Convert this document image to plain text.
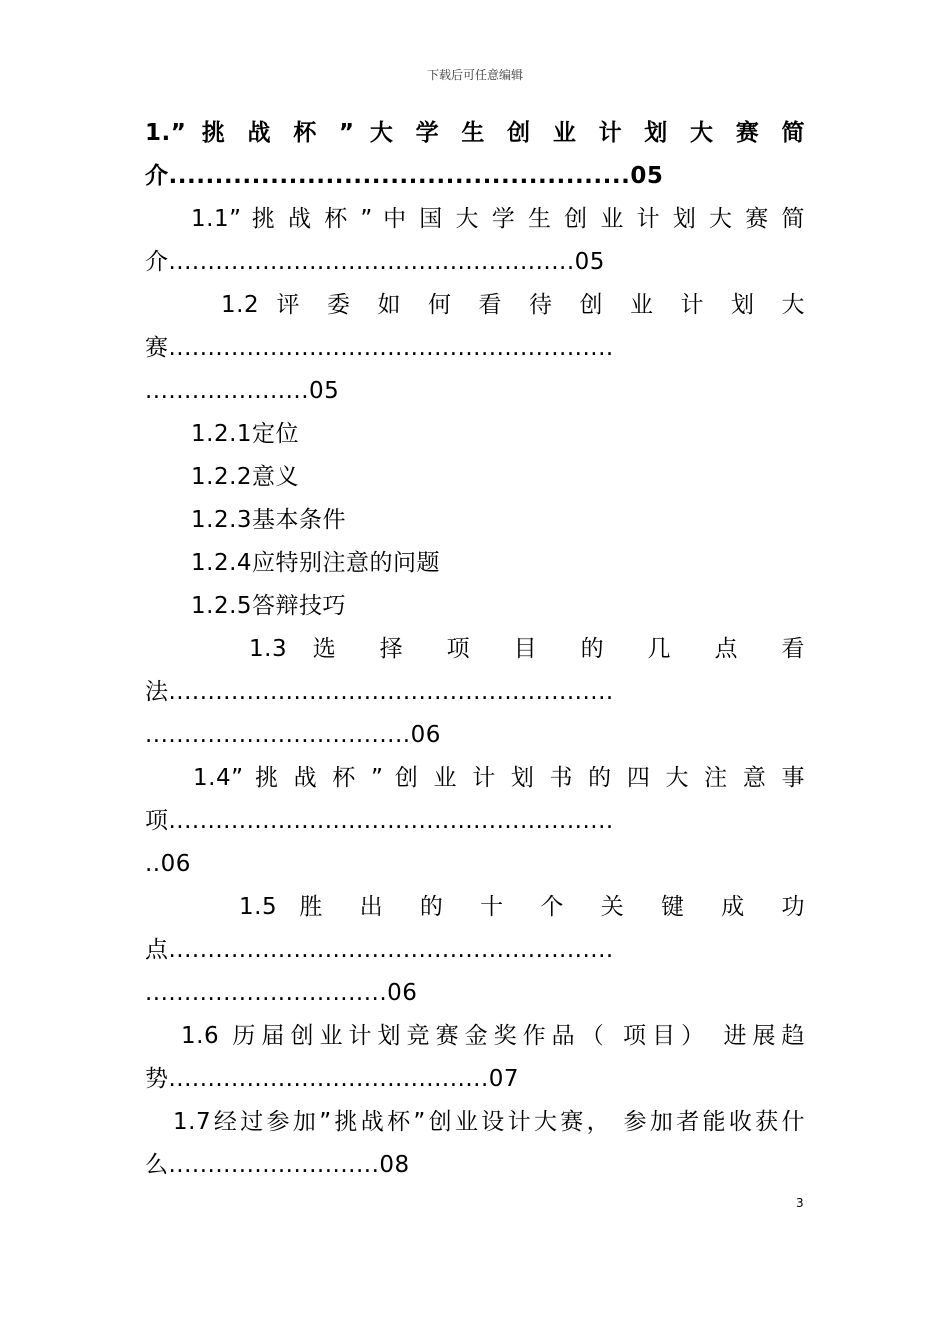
下载后可任意编辑
1.” 挑 战 杯 ” 大 学 生 创 业 计 划 大 赛 简
介..................................................05
1.1” 挑 战 杯 ” 中 国 大 学 生 创 业 计 划 大 赛 简
介....................................................05
1.2 评 委 如 何 看 待 创 业 计 划 大
赛.........................................................
.....................05
1.2.1定位
1.2.2意义
1.2.3基本条件
1.2.4应特别注意的问题
1.2.5答辩技巧
1.3 选 择 项 目 的 几 点 看
法.........................................................
..................................06
1.4” 挑 战 杯 ” 创 业 计 划 书 的 四 大 注 意 事
项.........................................................
..06
1.5 胜 出 的 十 个 关 键 成 功
点.........................................................
...............................06
1.6 历届创业计划竞赛金奖作品（ 项目） 进展趋
势.........................................07
1.7经过参加”挑战杯”创业设计大赛， 参加者能收获什
么...........................08
3
